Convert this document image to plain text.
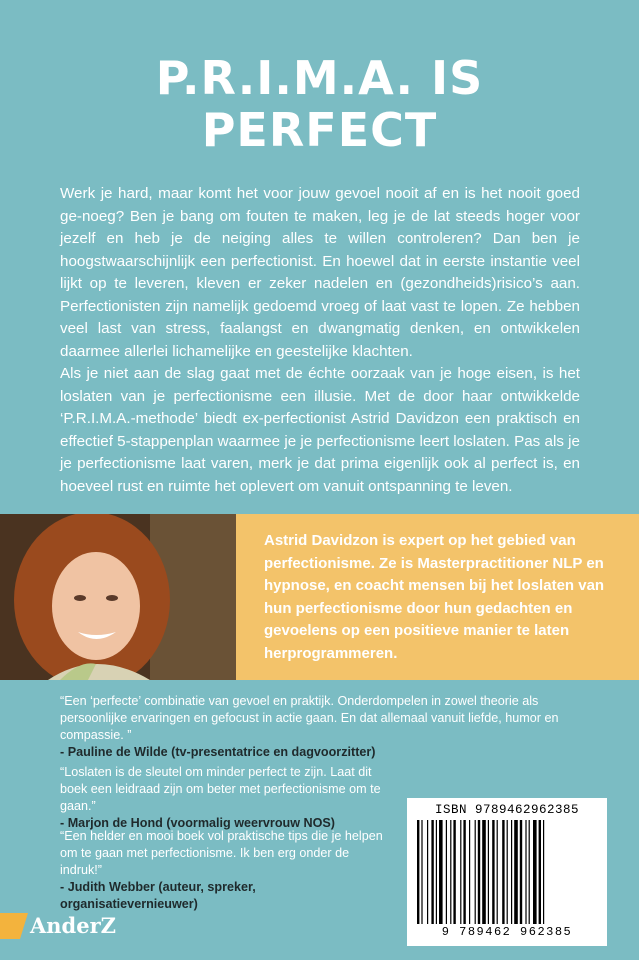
P.R.I.M.A. IS
PERFECT

Werk je hard, maar komt het voor jouw gevoel nooit af en is het nooit goed ge-noeg? Ben je bang om fouten te maken, leg je de lat steeds hoger voor jezelf en heb je de neiging alles te willen controleren? Dan ben je hoogstwaarschijnlijk een perfectionist. En hoewel dat in eerste instantie veel lijkt op te leveren, kleven er zeker nadelen en (gezondheids)risico’s aan. Perfectionisten zijn namelijk gedoemd vroeg of laat vast te lopen. Ze hebben veel last van stress, faalangst en dwangmatig denken, en ontwikkelen daarmee allerlei lichamelijke en geestelijke klachten.

Als je niet aan de slag gaat met de échte oorzaak van je hoge eisen, is het loslaten van je perfectionisme een illusie. Met de door haar ontwikkelde ‘P.R.I.M.A.-methode’ biedt ex-perfectionist Astrid Davidzon een praktisch en effectief 5-stappenplan waarmee je je perfectionisme leert loslaten. Pas als je je perfectionisme laat varen, merk je dat prima eigenlijk ook al perfect is, en hoeveel rust en ruimte het oplevert om vanuit ontspanning te leven.

Astrid Davidzon is expert op het gebied van perfectionisme. Ze is Masterpractitioner NLP en hypnose, en coacht mensen bij het loslaten van hun perfectionisme door hun gedachten en gevoelens op een positieve manier te laten herprogrammeren.

“Een ‘perfecte’ combinatie van gevoel en praktijk. Onderdompelen in zowel theorie als persoonlijke ervaringen en gefocust in actie gaan. En dat allemaal vanuit liefde, humor en compassie. ”

- Pauline de Wilde (tv-presentatrice en dagvoorzitter)

“Loslaten is de sleutel om minder perfect te zijn. Laat dit boek een leidraad zijn om beter met perfectionisme om te gaan.”

- Marjon de Hond (voormalig weervrouw NOS)

“Een helder en mooi boek vol praktische tips die je helpen om te gaan met perfectionisme. Ik ben erg onder de indruk!”

- Judith Webber (auteur, spreker, organisatievernieuwer)

ISBN 9789462962385
9 789462 962385
AnderZ
